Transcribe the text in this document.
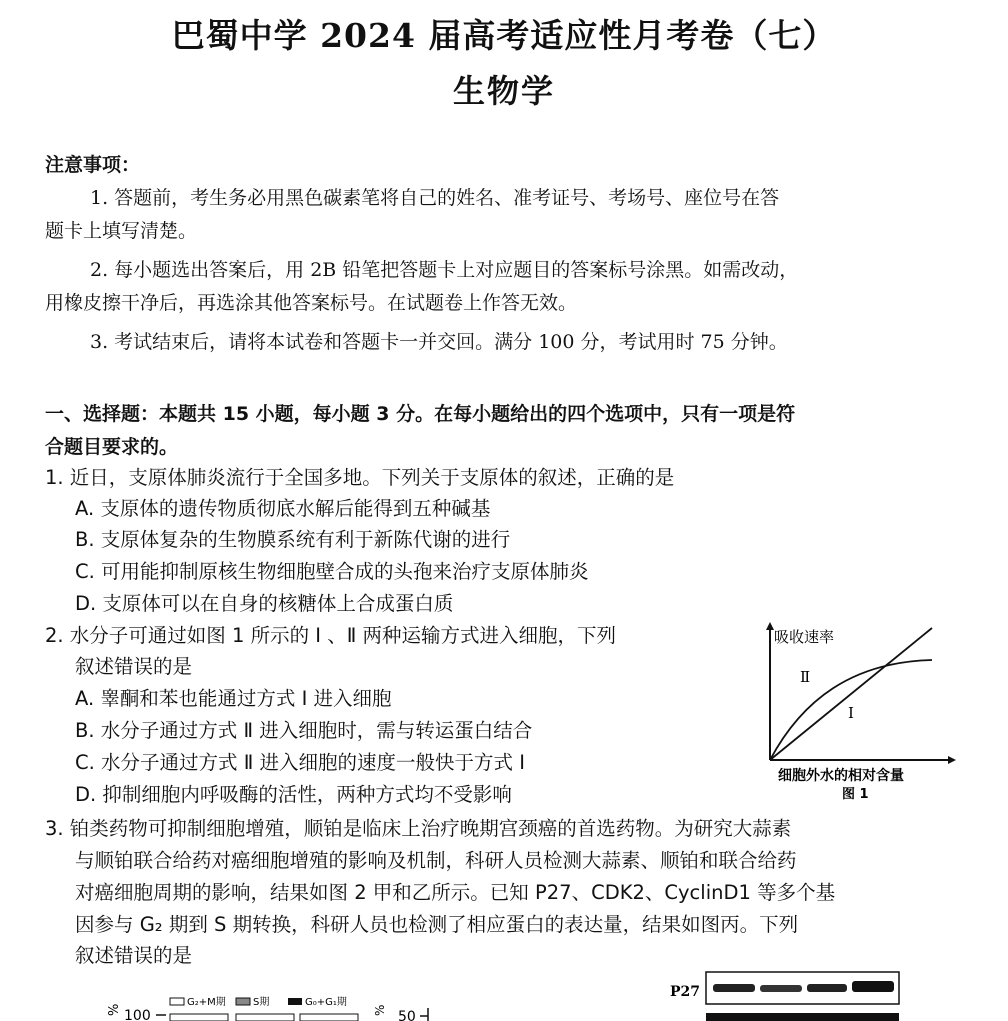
巴蜀中学 2024 届高考适应性月考卷（七）
生物学
注意事项：
1. 答题前，考生务必用黑色碳素笔将自己的姓名、准考证号、考场号、座位号在答
题卡上填写清楚。
2. 每小题选出答案后，用 2B 铅笔把答题卡上对应题目的答案标号涂黑。如需改动，
用橡皮擦干净后，再选涂其他答案标号。在试题卷上作答无效。
3. 考试结束后，请将本试卷和答题卡一并交回。满分 100 分，考试用时 75 分钟。
一、选择题：本题共 15 小题，每小题 3 分。在每小题给出的四个选项中，只有一项是符
合题目要求的。
1. 近日，支原体肺炎流行于全国多地。下列关于支原体的叙述，正确的是
A. 支原体的遗传物质彻底水解后能得到五种碱基
B. 支原体复杂的生物膜系统有利于新陈代谢的进行
C. 可用能抑制原核生物细胞壁合成的头孢来治疗支原体肺炎
D. 支原体可以在自身的核糖体上合成蛋白质
2. 水分子可通过如图 1 所示的 Ⅰ 、Ⅱ 两种运输方式进入细胞，下列
叙述错误的是
A. 睾酮和苯也能通过方式 Ⅰ 进入细胞
B. 水分子通过方式 Ⅱ 进入细胞时，需与转运蛋白结合
C. 水分子通过方式 Ⅱ 进入细胞的速度一般快于方式 Ⅰ
D. 抑制细胞内呼吸酶的活性，两种方式均不受影响
吸收速率
Ⅱ
Ⅰ
细胞外水的相对含量
图 1
3. 铂类药物可抑制细胞增殖，顺铂是临床上治疗晚期宫颈癌的首选药物。为研究大蒜素
与顺铂联合给药对癌细胞增殖的影响及机制，科研人员检测大蒜素、顺铂和联合给药
对癌细胞周期的影响，结果如图 2 甲和乙所示。已知 P27、CDK2、CyclinD1 等多个基
因参与 G₂ 期到 S 期转换，科研人员也检测了相应蛋白的表达量，结果如图丙。下列
叙述错误的是
% 100
G₂+M期	S期	G₀+G₁期
% 50
P27
